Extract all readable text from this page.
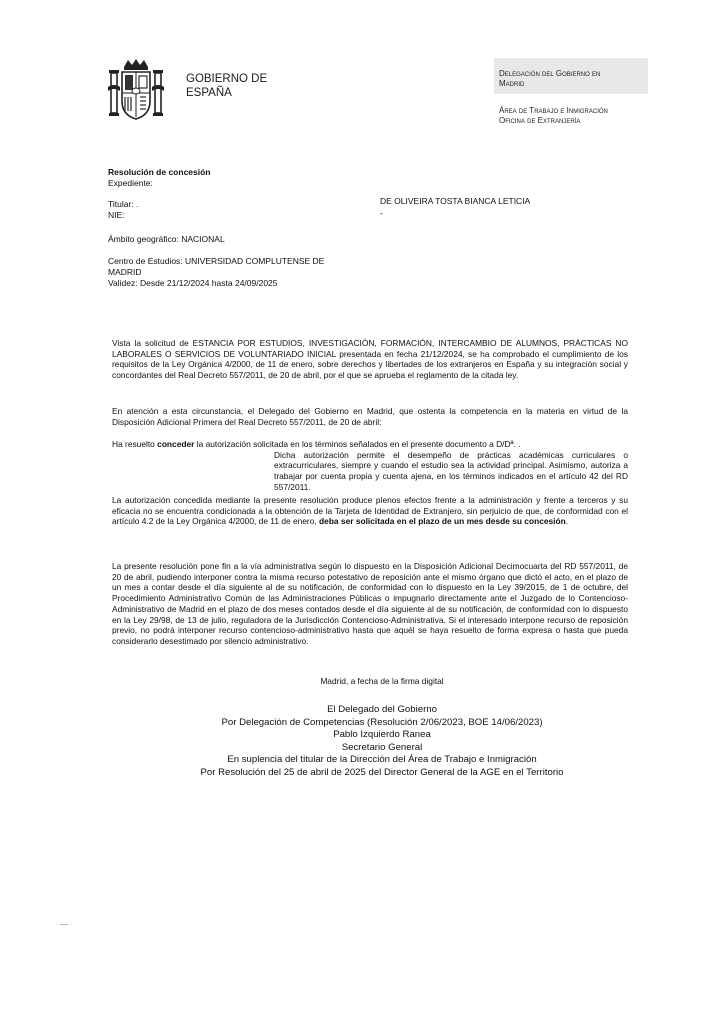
GOBIERNO DE
ESPAÑA
Delegación del Gobierno en
Madrid
Área de Trabajo e Inmigración
Oficina de Extranjería
Resolución de concesión
Expediente:
Titular: .
NIE:
DE OLIVEIRA TOSTA BIANCA LETICIA
-
Ámbito geográfico: NACIONAL
Centro de Estudios: UNIVERSIDAD COMPLUTENSE DE
MADRID
Validez: Desde 21/12/2024 hasta 24/09/2025
Vista la solicitud de ESTANCIA POR ESTUDIOS, INVESTIGACIÓN, FORMACIÓN, INTERCAMBIO DE ALUMNOS, PRÁCTICAS NO LABORALES O SERVICIOS DE VOLUNTARIADO INICIAL presentada en fecha 21/12/2024, se ha comprobado el cumplimiento de los requisitos de la Ley Orgánica 4/2000, de 11 de enero, sobre derechos y libertades de los extranjeros en España y su integración social y concordantes del Real Decreto 557/2011, de 20 de abril, por el que se aprueba el reglamento de la citada ley.
En atención a esta circunstancia, el Delegado del Gobierno en Madrid, que ostenta la competencia en la materia en virtud de la Disposición Adicional Primera del Real Decreto 557/2011, de 20 de abril:
Ha resuelto conceder la autorización solicitada en los términos señalados en el presente documento a D/Dª. .
Dicha autorización permite el desempeño de prácticas académicas curriculares o extracurriculares, siempre y cuando el estudio sea la actividad principal. Asimismo, autoriza a trabajar por cuenta propia y cuenta ajena, en los términos indicados en el artículo 42 del RD 557/2011.
La autorización concedida mediante la presente resolución produce plenos efectos frente a la administración y frente a terceros y su eficacia no se encuentra condicionada a la obtención de la Tarjeta de Identidad de Extranjero, sin perjuicio de que, de conformidad con el artículo 4.2 de la Ley Orgánica 4/2000, de 11 de enero, deba ser solicitada en el plazo de un mes desde su concesión.
La presente resolución pone fin a la vía administrativa según lo dispuesto en la Disposición Adicional Decimocuarta del RD 557/2011, de 20 de abril, pudiendo interponer contra la misma recurso potestativo de reposición ante el mismo órgano que dictó el acto, en el plazo de un mes a contar desde el día siguiente al de su notificación, de conformidad con lo dispuesto en la Ley 39/2015, de 1 de octubre, del Procedimiento Administrativo Común de las Administraciones Públicas o impugnarlo directamente ante el Juzgado de lo Contencioso-Administrativo de Madrid en el plazo de dos meses contados desde el día siguiente al de su notificación, de conformidad con lo dispuesto en la Ley 29/98, de 13 de julio, reguladora de la Jurisdicción Contencioso-Administrativa. Si el interesado interpone recurso de reposición previo, no podrá interponer recurso contencioso-administrativo hasta que aquél se haya resuelto de forma expresa o hasta que pueda considerarlo desestimado por silencio administrativo.
Madrid, a fecha de la firma digital
El Delegado del Gobierno
Por Delegación de Competencias (Resolución 2/06/2023, BOE 14/06/2023)
Pablo Izquierdo Ranea
Secretario General
En suplencia del titular de la Dirección del Área de Trabajo e Inmigración
Por Resolución del 25 de abril de 2025 del Director General de la AGE en el Territorio
